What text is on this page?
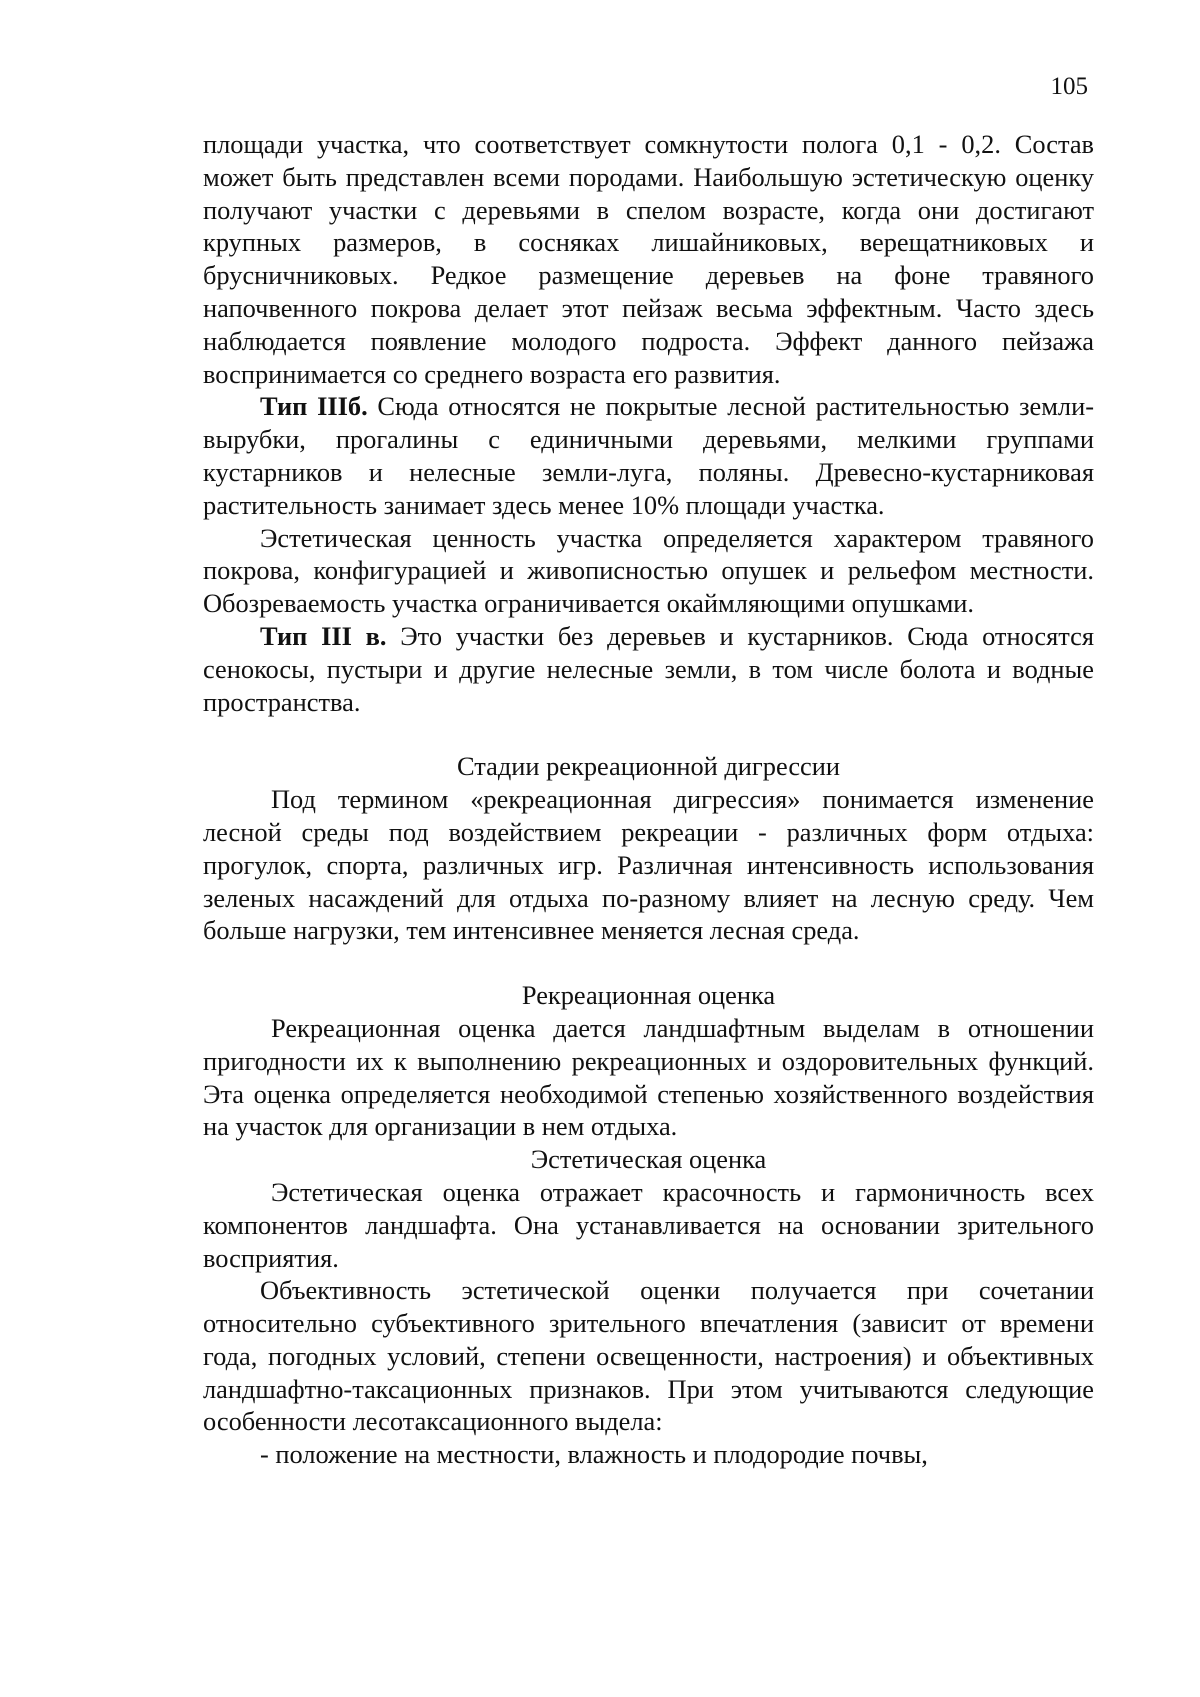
105

площади участка, что соответствует сомкнутости полога 0,1 - 0,2. Состав может быть представлен всеми породами. Наибольшую эстетическую оценку получают участки с деревьями в спелом возрасте, когда они достигают крупных размеров, в сосняках лишайниковых, верещатниковых и брусничниковых. Редкое размещение деревьев на фоне травяного напочвенного покрова делает этот пейзаж весьма эффектным. Часто здесь наблюдается появление молодого подроста. Эффект данного пейзажа воспринимается со среднего возраста его развития.

Тип IIIб. Сюда относятся не покрытые лесной растительностью земли-вырубки, прогалины с единичными деревьями, мелкими группами кустарников и нелесные земли-луга, поляны. Древесно-кустарниковая растительность занимает здесь менее 10% площади участка.

Эстетическая ценность участка определяется характером травяного покрова, конфигурацией и живописностью опушек и рельефом местности. Обозреваемость участка ограничивается окаймляющими опушками.

Тип III в. Это участки без деревьев и кустарников. Сюда относятся сенокосы, пустыри и другие нелесные земли, в том числе болота и водные пространства.

Стадии рекреационной дигрессии

Под термином «рекреационная дигрессия» понимается изменение лесной среды под воздействием рекреации - различных форм отдыха: прогулок, спорта, различных игр. Различная интенсивность использования зеленых насаждений для отдыха по-разному влияет на лесную среду. Чем больше нагрузки, тем интенсивнее меняется лесная среда.

Рекреационная оценка

Рекреационная оценка дается ландшафтным выделам в отношении пригодности их к выполнению рекреационных и оздоровительных функций. Эта оценка определяется необходимой степенью хозяйственного воздействия на участок для организации в нем отдыха.

Эстетическая оценка

Эстетическая оценка отражает красочность и гармоничность всех компонентов ландшафта. Она устанавливается на основании зрительного восприятия.

Объективность эстетической оценки получается при сочетании относительно субъективного зрительного впечатления (зависит от времени года, погодных условий, степени освещенности, настроения) и объективных ландшафтно-таксационных признаков. При этом учитываются следующие особенности лесотаксационного выдела:

- положение на местности, влажность и плодородие почвы,
